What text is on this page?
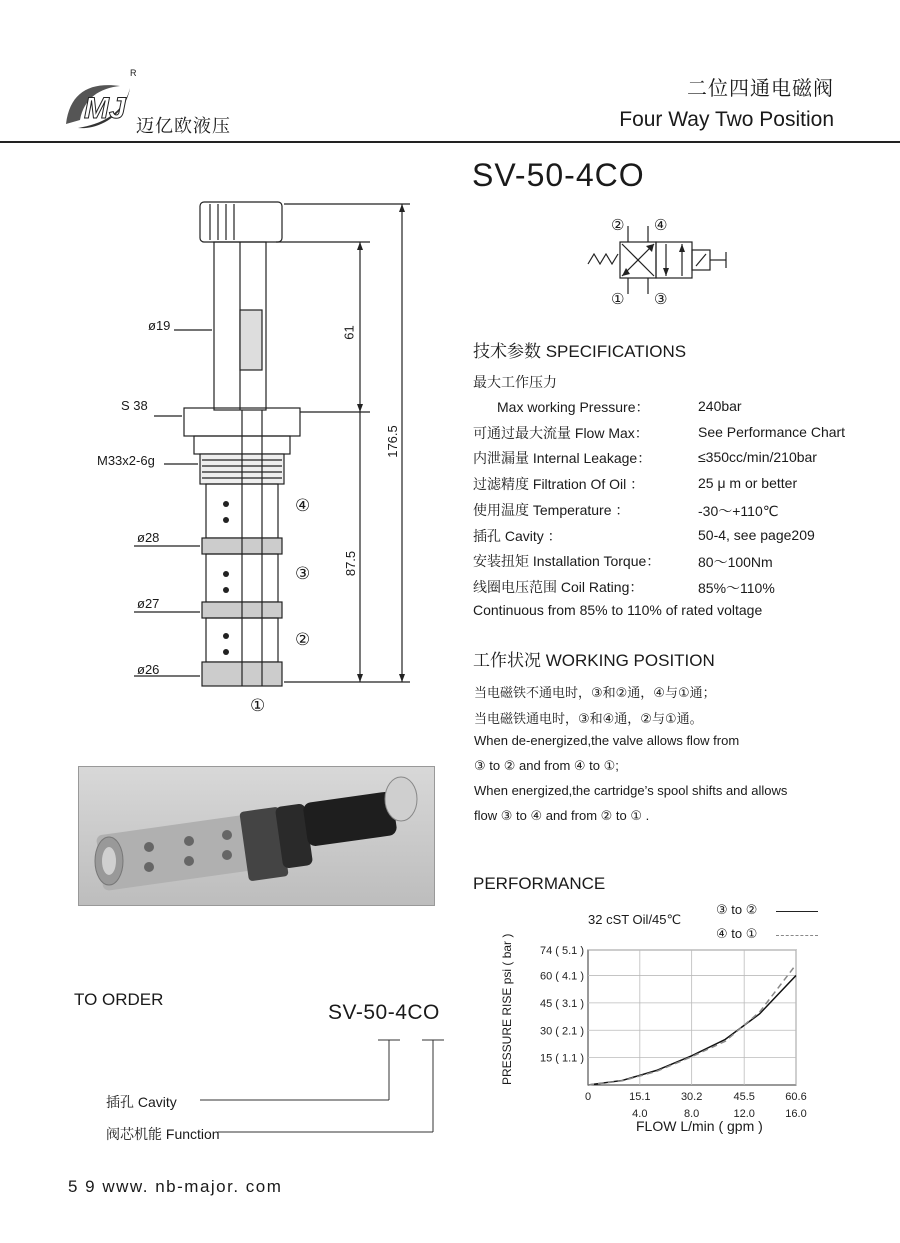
MJ
R
迈亿欧液压
二位四通电磁阀
Four Way Two Position
SV-50-4CO
② ④
① ③
ø19
S 38
M33x2-6g
ø28
ø27
ø26
61
176.5
87.5
④
③
②
①
技术参数 SPECIFICATIONS
最大工作压力
Max working Pressure：	240bar
可通过最大流量 Flow Max：	See Performance Chart
内泄漏量 Internal Leakage：	≤350cc/min/210bar
过滤精度 Filtration Of Oil ：	25 μ m or better
使用温度 Temperature ：	-30～+110℃
插孔 Cavity ：	50-4, see page209
安装扭矩 Installation Torque：	80～100Nm
线圈电压范围 Coil Rating：	85%～110%
Continuous from 85% to 110% of rated voltage
工作状况 WORKING POSITION
当电磁铁不通电时，③和②通，④与①通；
当电磁铁通电时，③和④通，②与①通。
When de-energized,the valve allows flow from
③ to ② and from ④ to ①;
When energized,the cartridge’s spool shifts and allows
flow ③ to ④ and from ② to ① .
PERFORMANCE
32 cST Oil/45℃
③ to ②
④ to ①
PRESSURE RISE psi ( bar ) 74 ( 5.1 )
60 ( 4.1 )
45 ( 3.1 )
30 ( 2.1 )
15 ( 1.1 )
0	15.1
4.0
30.2
8.0
45.5
12.0
60.6
16.0
FLOW L/min ( gpm )
TO ORDER
SV-50-4CO
插孔 Cavity
阀芯机能 Function
5 9 www. nb-major. com
